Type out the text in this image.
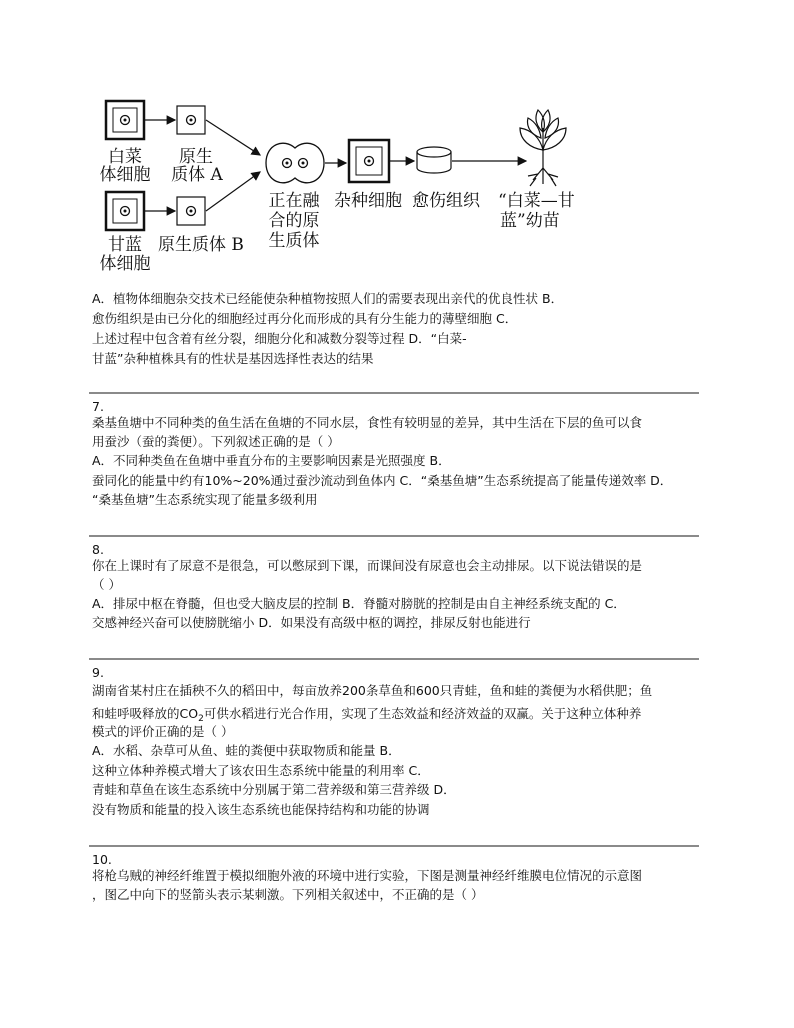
白菜
体细胞
原生
质体 A
甘蓝
体细胞
原生质体 B
正在融
合的原
生质体
杂种细胞 愈伤组织 “白菜—甘
蓝”幼苗
A．植物体细胞杂交技术已经能使杂种植物按照人们的需要表现出亲代的优良性状 B．
愈伤组织是由已分化的细胞经过再分化而形成的具有分生能力的薄壁细胞 C．
上述过程中包含着有丝分裂，细胞分化和减数分裂等过程 D．“白菜-
甘蓝”杂种植株具有的性状是基因选择性表达的结果
7.
桑基鱼塘中不同种类的鱼生活在鱼塘的不同水层，食性有较明显的差异，其中生活在下层的鱼可以食
用蚕沙（蚕的粪便）。下列叙述正确的是（ ）
A．不同种类鱼在鱼塘中垂直分布的主要影响因素是光照强度 B．
蚕同化的能量中约有10%~20%通过蚕沙流动到鱼体内 C．“桑基鱼塘”生态系统提高了能量传递效率 D．
“桑基鱼塘”生态系统实现了能量多级利用
8.
你在上课时有了尿意不是很急，可以憋尿到下课，而课间没有尿意也会主动排尿。以下说法错误的是
（ ）
A．排尿中枢在脊髓，但也受大脑皮层的控制 B．脊髓对膀胱的控制是由自主神经系统支配的 C．
交感神经兴奋可以使膀胱缩小 D．如果没有高级中枢的调控，排尿反射也能进行
9.
湖南省某村庄在插秧不久的稻田中，每亩放养200条草鱼和600只青蛙，鱼和蛙的粪便为水稻供肥；鱼
和蛙呼吸释放的$CO_2$可供水稻进行光合作用，实现了生态效益和经济效益的双赢。关于这种立体种养
模式的评价正确的是（ ）
A．水稻、杂草可从鱼、蛙的粪便中获取物质和能量 B．
这种立体种养模式增大了该农田生态系统中能量的利用率 C．
青蛙和草鱼在该生态系统中分别属于第二营养级和第三营养级 D．
没有物质和能量的投入该生态系统也能保持结构和功能的协调
10.
将枪乌贼的神经纤维置于模拟细胞外液的环境中进行实验，下图是测量神经纤维膜电位情况的示意图
，图乙中向下的竖箭头表示某刺激。下列相关叙述中，不正确的是（ ）
